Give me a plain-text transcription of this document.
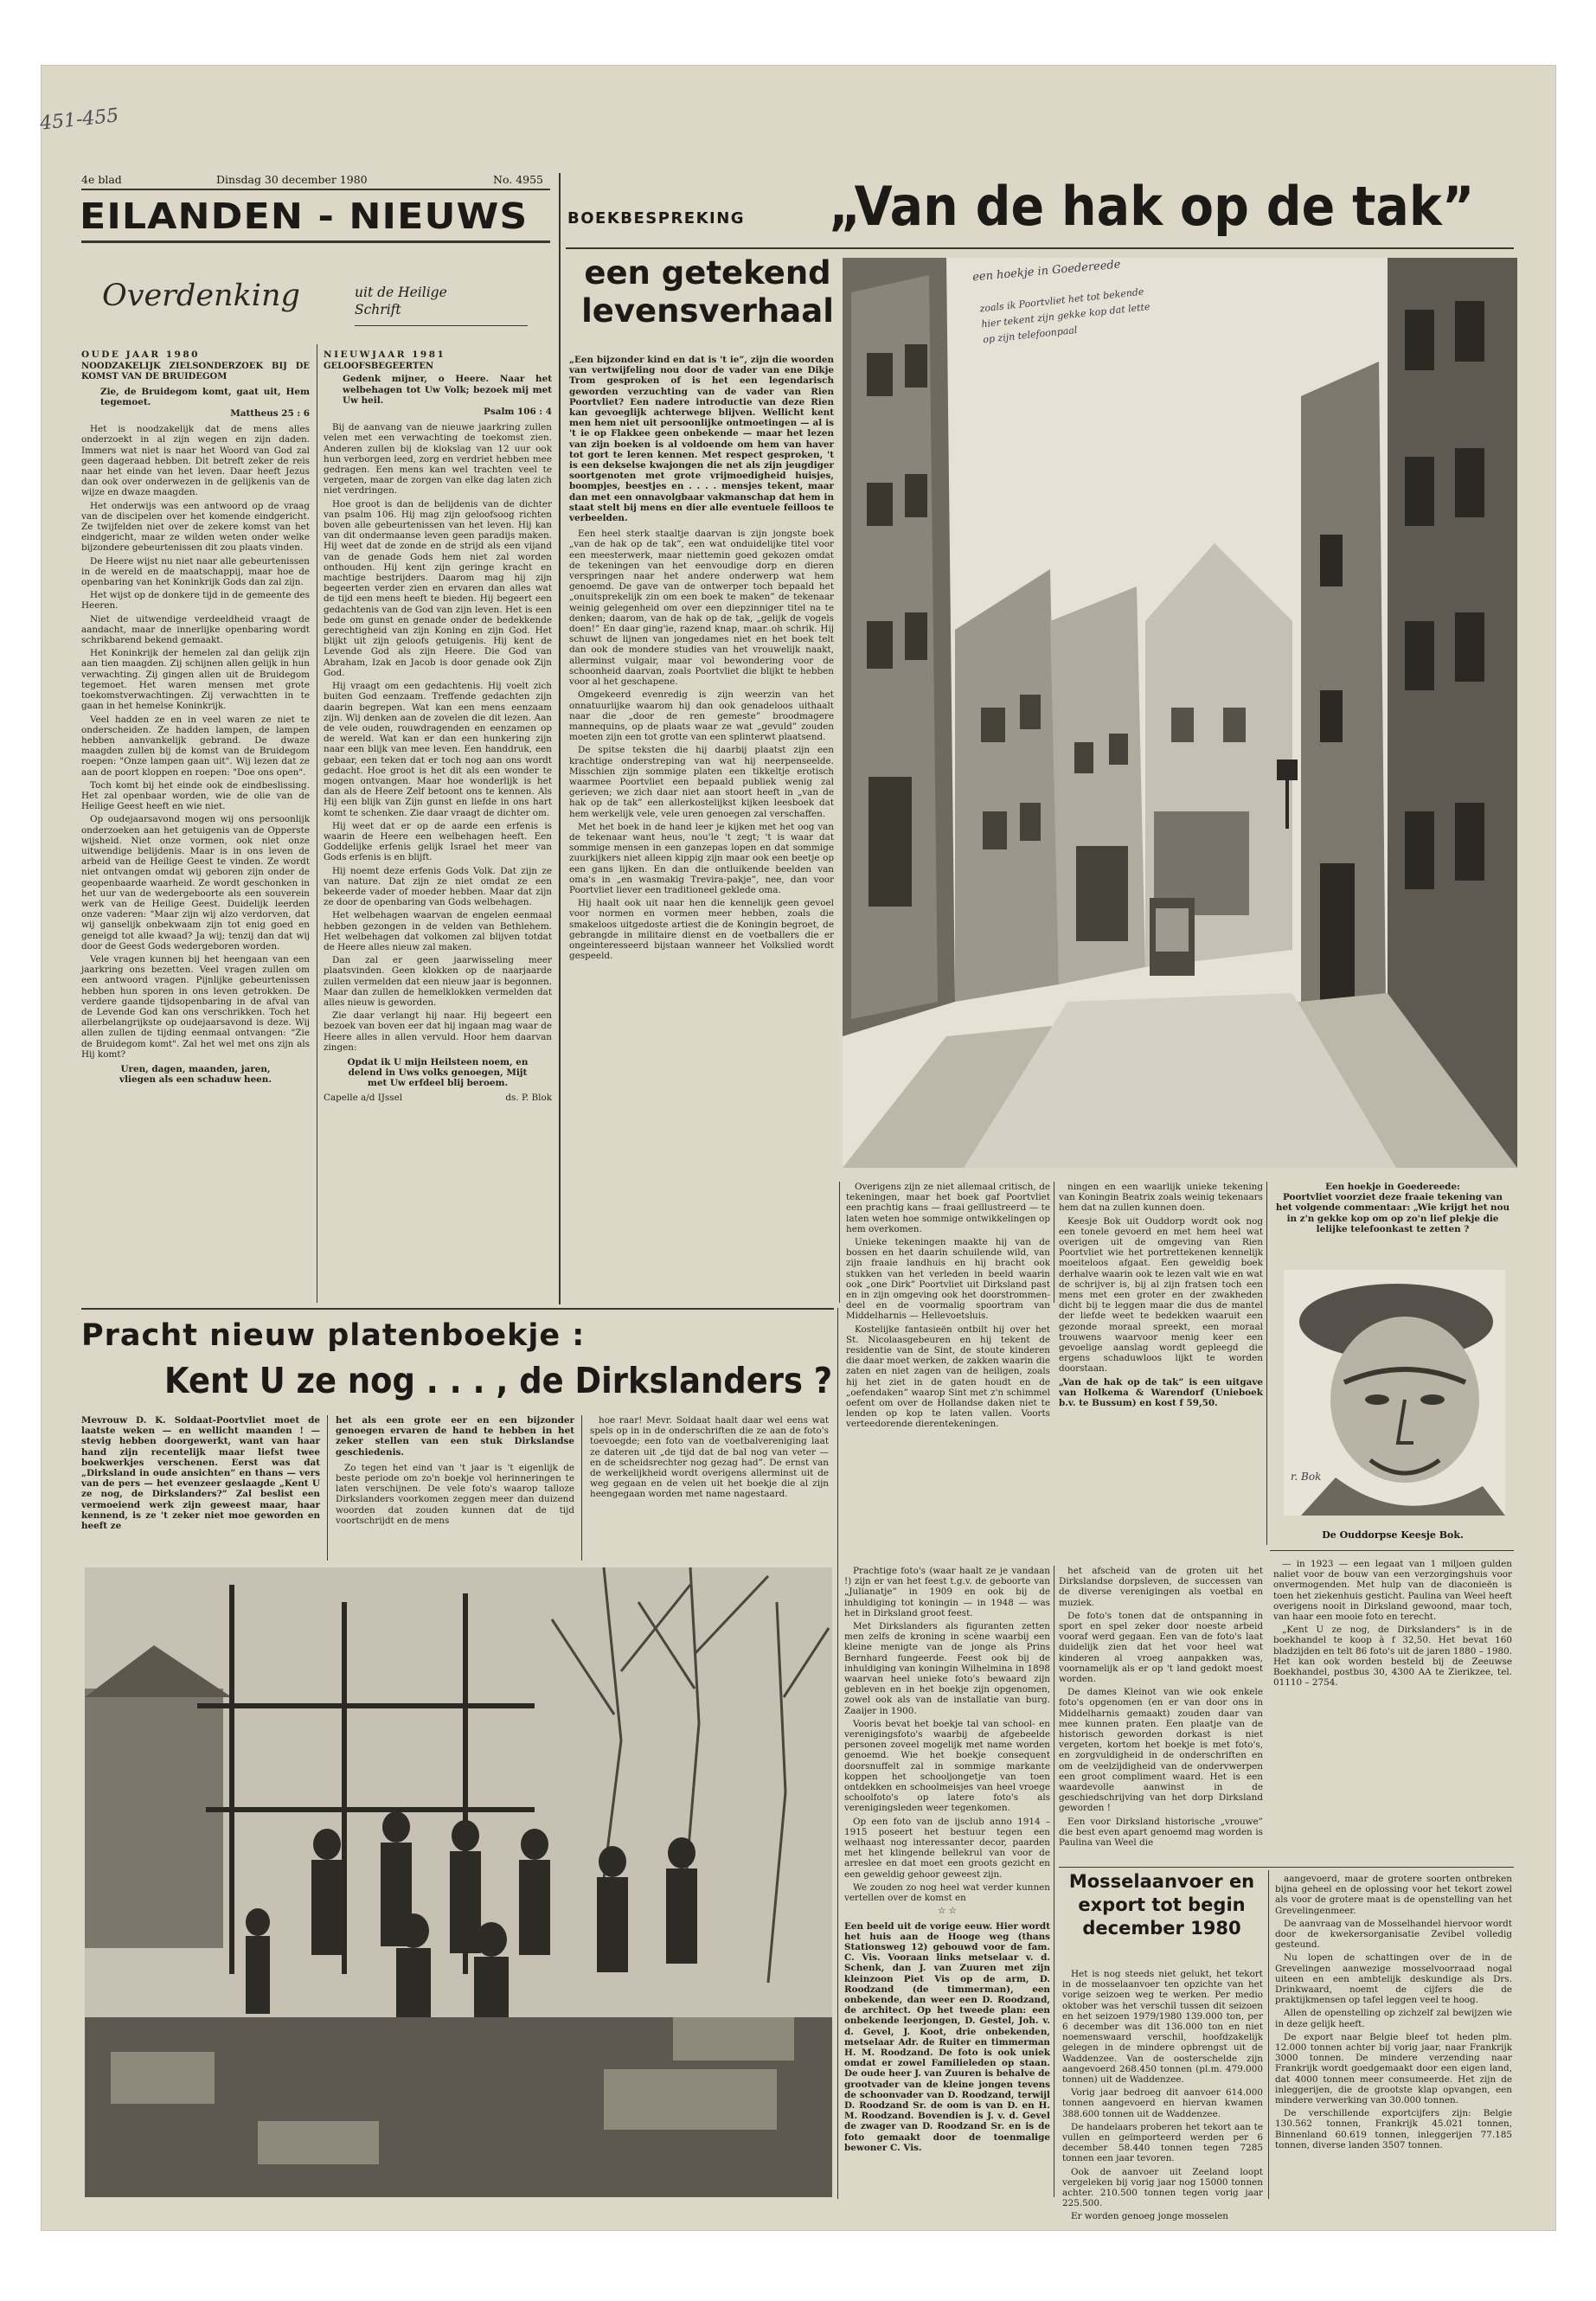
451-455
4e blad	Dinsdag 30 december 1980	No. 4955
EILANDEN - NIEUWS
Overdenking	uit de Heilige Schrift
OUDE JAAR 1980
NOODZAKELIJK ZIELSONDERZOEK BIJ DE KOMST VAN DE BRUIDEGOM
Zie, de Bruidegom komt, gaat uit, Hem tegemoet.
Mattheus 25 : 6

Het is noodzakelijk dat de mens alles onderzoekt in al zijn wegen en zijn daden. Immers wat niet is naar het Woord van God zal geen dageraad hebben. Dit betreft zeker de reis naar het einde van het leven. Daar heeft Jezus dan ook over onderwezen in de gelijkenis van de wijze en dwaze maagden.

Het onderwijs was een antwoord op de vraag van de discipelen over het komende eindgericht. Ze twijfelden niet over de zekere komst van het eindgericht, maar ze wilden weten onder welke bijzondere gebeurtenissen dit zou plaats vinden.

De Heere wijst nu niet naar alle gebeurtenissen in de wereld en de maatschappij, maar hoe de openbaring van het Koninkrijk Gods dan zal zijn.

Het wijst op de donkere tijd in de gemeente des Heeren.

Niet de uitwendige verdeeldheid vraagt de aandacht, maar de innerlijke openbaring wordt schrikbarend bekend gemaakt.

Het Koninkrijk der hemelen zal dan gelijk zijn aan tien maagden. Zij schijnen allen gelijk in hun verwachting. Zij gingen allen uit de Bruidegom tegemoet. Het waren mensen met grote toekomstverwachtingen. Zij verwachtten in te gaan in het hemelse Koninkrijk.

Veel hadden ze en in veel waren ze niet te onderscheiden. Ze hadden lampen, de lampen hebben aanvankelijk gebrand. De dwaze maagden zullen bij de komst van de Bruidegom roepen: "Onze lampen gaan uit". Wij lezen dat ze aan de poort kloppen en roepen: "Doe ons open".

Toch komt bij het einde ook de eindbeslissing. Het zal openbaar worden, wie de olie van de Heilige Geest heeft en wie niet.

Op oudejaarsavond mogen wij ons persoonlijk onderzoeken aan het getuigenis van de Opperste wijsheid. Niet onze vormen, ook niet onze uitwendige belijdenis. Maar is in ons leven de arbeid van de Heilige Geest te vinden. Ze wordt niet ontvangen omdat wij geboren zijn onder de geopenbaarde waarheid. Ze wordt geschonken in het uur van de wedergeboorte als een souverein werk van de Heilige Geest. Duidelijk leerden onze vaderen: "Maar zijn wij alzo verdorven, dat wij ganselijk onbekwaam zijn tot enig goed en geneigd tot alle kwaad? Ja wij; tenzij dan dat wij door de Geest Gods wedergeboren worden.

Vele vragen kunnen bij het heengaan van een jaarkring ons bezetten. Veel vragen zullen om een antwoord vragen. Pijnlijke gebeurtenissen hebben hun sporen in ons leven getrokken. De verdere gaande tijdsopenbaring in de afval van de Levende God kan ons verschrikken. Toch het allerbelangrijkste op oudejaarsavond is deze. Wij allen zullen de tijding eenmaal ontvangen: "Zie de Bruidegom komt". Zal het wel met ons zijn als Hij komt?

Uren, dagen, maanden, jaren, vliegen als een schaduw heen.
NIEUWJAAR 1981
GELOOFSBEGEERTEN
Gedenk mijner, o Heere. Naar het welbehagen tot Uw Volk; bezoek mij met Uw heil.
Psalm 106 : 4

Bij de aanvang van de nieuwe jaarkring zullen velen met een verwachting de toekomst zien. Anderen zullen bij de klokslag van 12 uur ook hun verborgen leed, zorg en verdriet hebben mee gedragen. Een mens kan wel trachten veel te vergeten, maar de zorgen van elke dag laten zich niet verdringen.

Hoe groot is dan de belijdenis van de dichter van psalm 106. Hij mag zijn geloofsoog richten boven alle gebeurtenissen van het leven. Hij kan van dit ondermaanse leven geen paradijs maken. Hij weet dat de zonde en de strijd als een vijand van de genade Gods hem niet zal worden onthouden. Hij kent zijn geringe kracht en machtige bestrijders. Daarom mag hij zijn begeerten verder zien en ervaren dan alles wat de tijd een mens heeft te bieden. Hij begeert een gedachtenis van de God van zijn leven. Het is een bede om gunst en genade onder de bedekkende gerechtigheid van zijn Koning en zijn God. Het blijkt uit zijn geloofs getuigenis. Hij kent de Levende God als zijn Heere. Die God van Abraham, Izak en Jacob is door genade ook Zijn God.

Hij vraagt om een gedachtenis. Hij voelt zich buiten God eenzaam. Treffende gedachten zijn daarin begrepen. Wat kan een mens eenzaam zijn. Wij denken aan de zovelen die dit lezen. Aan de vele ouden, rouwdragenden en eenzamen op de wereld. Wat kan er dan een hunkering zijn naar een blijk van mee leven. Een handdruk, een gebaar, een teken dat er toch nog aan ons wordt gedacht. Hoe groot is het dit als een wonder te mogen ontvangen. Maar hoe wonderlijk is het dan als de Heere Zelf betoont ons te kennen. Als Hij een blijk van Zijn gunst en liefde in ons hart komt te schenken. Zie daar vraagt de dichter om.

Hij weet dat er op de aarde een erfenis is waarin de Heere een welbehagen heeft. Een Goddelijke erfenis gelijk Israel het meer van Gods erfenis is en blijft.

Hij noemt deze erfenis Gods Volk. Dat zijn ze van nature. Dat zijn ze niet omdat ze een bekeerde vader of moeder hebben. Maar dat zijn ze door de openbaring van Gods welbehagen.

Het welbehagen waarvan de engelen eenmaal hebben gezongen in de velden van Bethlehem. Het welbehagen dat volkomen zal blijven totdat de Heere alles nieuw zal maken.

Dan zal er geen jaarwisseling meer plaatsvinden. Geen klokken op de naarjaarde zullen vermelden dat een nieuw jaar is begonnen. Maar dan zullen de hemelklokken vermelden dat alles nieuw is geworden.

Zie daar verlangt hij naar. Hij begeert een bezoek van boven eer dat hij ingaan mag waar de Heere alles in allen vervuld. Hoor hem daarvan zingen:

Opdat ik U mijn Heilsteen noem, en delend in Uws volks genoegen, Mijt met Uw erfdeel blij beroem.
Capelle a/d IJssel	ds. P. Blok
BOEKBESPREKING „Van de hak op de tak”
een getekend levensverhaal
„Een bijzonder kind en dat is 't ie”, zijn die woorden van vertwijfeling nou door de vader van ene Dikje Trom gesproken of is het een legendarisch geworden verzuchting van de vader van Rien Poortvliet? Een nadere introductie van deze Rien kan gevoeglijk achterwege blijven. Wellicht kent men hem niet uit persoonlijke ontmoetingen — al is 't ie op Flakkee geen onbekende — maar het lezen van zijn boeken is al voldoende om hem van haver tot gort te leren kennen. Met respect gesproken, 't is een dekselse kwajongen die net als zijn jeugdiger soortgenoten met grote vrijmoedigheid huisjes, boompjes, beestjes en . . . . mensjes tekent, maar dan met een onnavolgbaar vakmanschap dat hem in staat stelt bij mens en dier alle eventuele feilloos te verbeelden.

Een heel sterk staaltje daarvan is zijn jongste boek „van de hak op de tak”, een wat onduidelijke titel voor een meesterwerk, maar niettemin goed gekozen omdat de tekeningen van het eenvoudige dorp en dieren verspringen naar het andere onderwerp wat hem genoemd. De gave van de ontwerper toch bepaald het „onuitsprekelijk zin om een boek te maken” de tekenaar weinig gelegenheid om over een diepzinniger titel na te denken; daarom, van de hak op de tak, „gelijk de vogels doen!” En daar ging'ie, razend knap, maar..oh schrik. Hij schuwt de lijnen van jongedames niet en het boek telt dan ook de mondere studies van het vrouwelijk naakt, allerminst vulgair, maar vol bewondering voor de schoonheid daarvan, zoals Poortvliet die blijkt te hebben voor al het geschapene.

Omgekeerd evenredig is zijn weerzin van het onnatuurlijke waarom hij dan ook genadeloos uithaalt naar die „door de ren gemeste” broodmagere mannequins, op de plaats waar ze wat „gevuld” zouden moeten zijn een tot grotte van een splinterwt plaatsend.

De spitse teksten die hij daarbij plaatst zijn een krachtige onderstreping van wat hij neerpenseelde. Misschien zijn sommige platen een tikkeltje erotisch waarmee Poortvliet een bepaald publiek wenig zal gerieven; we zich daar niet aan stoort heeft in „van de hak op de tak” een allerkostelijkst kijken leesboek dat hem werkelijk vele, vele uren genoegen zal verschaffen.

Met het boek in de hand leer je kijken met het oog van de tekenaar want heus, nou'le 't zegt; 't is waar dat sommige mensen in een ganzepas lopen en dat sommige zuurkijkers niet alleen kippig zijn maar ook een beetje op een gans lijken. En dan die ontluikende beelden van oma's in „en wasmakig Trevira-pakje”, nee, dan voor Poortvliet liever een traditioneel geklede oma.

Hij haalt ook uit naar hen die kennelijk geen gevoel voor normen en vormen meer hebben, zoals die smakeloos uitgedoste artiest die de Koningin begroet, de gebrangde in militaire dienst en de voetballers die er ongeinteresseerd bijstaan wanneer het Volkslied wordt gespeeld.

een hoekje in Goedereede
zoals ik Poortvliet het tot bekende hier tekent zijn gekke kop dat lette op zijn telefoonpaal

Overigens zijn ze niet allemaal critisch, de tekeningen, maar het boek gaf Poortvliet een prachtig kans — fraai geïllustreerd — te laten weten hoe sommige ontwikkelingen op hem overkomen.

Unieke tekeningen maakte hij van de bossen en het daarin schuilende wild, van zijn fraaie landhuis en hij bracht ook stukken van het verleden in beeld waarin ook „one Dirk” Poortvliet uit Dirksland past en in zijn omgeving ook het doorstrommen-deel en de voormalig spoortram van Middelharnis — Hellevoetsluis.

Kostelijke fantasieën ontbilt hij over het St. Nicolaasgebeuren en hij tekent de residentie van de Sint, de stoute kinderen die daar moet werken, de zakken waarin die zaten en niet zagen van de heiligen, zoals hij het ziet in de gaten houdt en de „oefendaken” waarop Sint met z'n schimmel oefent om over de Hollandse daken niet te lenden op kop te laten vallen. Voorts verteedorende dierentekeningen.

ningen en een waarlijk unieke tekening van Koningin Beatrix zoals weinig tekenaars hem dat na zullen kunnen doen.

Keesje Bok uit Ouddorp wordt ook nog een tonele gevoerd en met hem heel wat overigen uit de omgeving van Rien Poortvliet wie het portrettekenen kennelijk moeiteloos afgaat. Een geweldig boek derhalve waarin ook te lezen valt wie en wat de schrijver is, bij al zijn fratsen toch een mens met een groter en der zwakheden dicht bij te leggen maar die dus de mantel der liefde weet te bedekken waaruit een gezonde moraal spreekt, een moraal trouwens waarvoor menig keer een gevoelige aanslag wordt gepleegd die ergens schaduwloos lijkt te worden doorstaan.

„Van de hak op de tak” is een uitgave van Holkema & Warendorf (Unieboek b.v. te Bussum) en kost f 59,50.
Een hoekje in Goedereede:
Poortvliet voorziet deze fraaie tekening van het volgende commentaar: „Wie krijgt het nou in z'n gekke kop om op zo'n lief plekje die lelijke telefoonkast te zetten ?
r. Bok
De Ouddorpse Keesje Bok.
Pracht nieuw platenboekje :
Kent U ze nog . . . , de Dirkslanders ?
Mevrouw D. K. Soldaat-Poortvliet moet de laatste weken — en wellicht maanden ! — stevig hebben doorgewerkt, want van haar hand zijn recentelijk maar liefst twee boekwerkjes verschenen. Eerst was dat „Dirksland in oude ansichten” en thans — vers van de pers — het evenzeer geslaagde „Kent U ze nog, de Dirkslanders?” Zal beslist een vermoeiend werk zijn geweest maar, haar kennend, is ze 't zeker niet moe geworden en heeft ze
het als een grote eer en een bijzonder genoegen ervaren de hand te hebben in het zeker stellen van een stuk Dirkslandse geschiedenis.

Zo tegen het eind van 't jaar is 't eigenlijk de beste periode om zo'n boekje vol herinneringen te laten verschijnen. De vele foto's waarop talloze Dirkslanders voorkomen zeggen meer dan duizend woorden dat zouden kunnen dat de tijd voortschrijdt en de mens

hoe raar! Mevr. Soldaat haalt daar wel eens wat spels op in in de onderschriften die ze aan de foto's toevoegde; een foto van de voetbalvereniging laat ze dateren uit „de tijd dat de bal nog van veter — en de scheidsrechter nog gezag had”. De ernst van de werkelijkheid wordt overigens allerminst uit de weg gegaan en de velen uit het boekje die al zijn heengegaan worden met name nagestaard.

Prachtige foto's (waar haalt ze je vandaan !) zijn er van het feest t.g.v. de geboorte van „Julianatje” in 1909 en ook bij de inhuldiging tot koningin — in 1948 — was het in Dirksland groot feest.

Met Dirkslanders als figuranten zetten men zelfs de kroning in scène waarbij een kleine menigte van de jonge als Prins Bernhard fungeerde. Feest ook bij de inhuldiging van koningin Wilhelmina in 1898 waarvan heel unieke foto's bewaard zijn gebleven en in het boekje zijn opgenomen, zowel ook als van de installatie van burg. Zaaijer in 1900.

Vooris bevat het boekje tal van school- en verenigingsfoto's waarbij de afgebeelde personen zoveel mogelijk met name worden genoemd. Wie het boekje consequent doorsnuffelt zal in sommige markante koppen het schooljongetje van toen ontdekken en schoolmeisjes van heel vroege schoolfoto's op latere foto's als verenigingsleden weer tegenkomen.

Op een foto van de ijsclub anno 1914 – 1915 poseert het bestuur tegen een welhaast nog interessanter decor, paarden met het klingende bellekrul van voor de arreslee en dat moet een groots gezicht en een geweldig gehoor geweest zijn.

We zouden zo nog heel wat verder kunnen vertellen over de komst en

☆ ☆
Een beeld uit de vorige eeuw. Hier wordt het huis aan de Hooge weg (thans Stationsweg 12) gebouwd voor de fam. C. Vis. Vooraan links metselaar v. d. Schenk, dan J. van Zuuren met zijn kleinzoon Piet Vis op de arm, D. Roodzand (de timmerman), een onbekende, dan weer een D. Roodzand, de architect. Op het tweede plan: een onbekende leerjongen, D. Gestel, Joh. v. d. Gevel, J. Koot, drie onbekenden, metselaar Adr. de Ruiter en timmerman H. M. Roodzand. De foto is ook uniek omdat er zowel Familieleden op staan. De oude heer J. van Zuuren is behalve de grootvader van de kleine jongen tevens de schoonvader van D. Roodzand, terwijl D. Roodzand Sr. de oom is van D. en H. M. Roodzand. Bovendien is J. v. d. Gevel de zwager van D. Roodzand Sr. en is de foto gemaakt door de toenmalige bewoner C. Vis.

het afscheid van de groten uit het Dirkslandse dorpsleven, de successen van de diverse verenigingen als voetbal en muziek.

De foto's tonen dat de ontspanning in sport en spel zeker door noeste arbeid vooraf werd gegaan. Een van de foto's laat duidelijk zien dat het voor heel wat kinderen al vroeg aanpakken was, voornamelijk als er op 't land gedokt moest worden.

De dames Kleinot van wie ook enkele foto's opgenomen (en er van door ons in Middelharnis gemaakt) zouden daar van mee kunnen praten. Een plaatje van de historisch geworden dorkast is niet vergeten, kortom het boekje is met foto's, en zorgvuldigheid in de onderschriften en om de veelzijdigheid van de ondervwerpen een groot compliment waard. Het is een waardevolle aanwinst in de geschiedschrijving van het dorp Dirksland geworden !

Een voor Dirksland historische „vrouwe” die best even apart genoemd mag worden is Paulina van Weel die

— in 1923 — een legaat van 1 miljoen gulden naliet voor de bouw van een verzorgingshuis voor onvermogenden. Met hulp van de diaconieën is toen het ziekenhuis gesticht. Paulina van Weel heeft overigens nooit in Dirksland gewoond, maar toch, van haar een mooie foto en terecht.

„Kent U ze nog, de Dirkslanders” is in de boekhandel te koop à f 32,50. Het bevat 160 bladzijden en telt 86 foto's uit de jaren 1880 – 1980. Het kan ook worden besteld bij de Zeeuwse Boekhandel, postbus 30, 4300 AA te Zierikzee, tel. 01110 – 2754.

Mosselaanvoer en export tot begin december 1980

Het is nog steeds niet gelukt, het tekort in de mosselaanvoer ten opzichte van het vorige seizoen weg te werken. Per medio oktober was het verschil tussen dit seizoen en het seizoen 1979/1980 139.000 ton, per 6 december was dit 136.000 ton en niet noemenswaard verschil, hoofdzakelijk gelegen in de mindere opbrengst uit de Waddenzee. Van de oosterschelde zijn aangevoerd 268.450 tonnen (pl.m. 479.000 tonnen) uit de Waddenzee.

Vorig jaar bedroeg dit aanvoer 614.000 tonnen aangevoerd en hiervan kwamen 388.600 tonnen uit de Waddenzee.

De handelaars proberen het tekort aan te vullen en geïmporteerd werden per 6 december 58.440 tonnen tegen 7285 tonnen een jaar tevoren.

Ook de aanvoer uit Zeeland loopt vergeleken bij vorig jaar nog 15000 tonnen achter. 210.500 tonnen tegen vorig jaar 225.500.

Er worden genoeg jonge mosselen

aangevoerd, maar de grotere soorten ontbreken bijna geheel en de oplossing voor het tekort zowel als voor de grotere maat is de openstelling van het Grevelingenmeer.

De aanvraag van de Mosselhandel hiervoor wordt door de kwekersorganisatie Zevibel volledig gesteund.

Nu lopen de schattingen over de in de Grevelingen aanwezige mosselvoorraad nogal uiteen en een ambtelijk deskundige als Drs. Drinkwaard, noemt de cijfers die de praktijkmensen op tafel leggen veel te hoog.

Allen de openstelling op zichzelf zal bewijzen wie in deze gelijk heeft.

De export naar Belgie bleef tot heden plm. 12.000 tonnen achter bij vorig jaar, naar Frankrijk 3000 tonnen. De mindere verzending naar Frankrijk wordt goedgemaakt door een eigen land, dat 4000 tonnen meer consumeerde. Het zijn de inleggerijen, die de grootste klap opvangen, een mindere verwerking van 30.000 tonnen.

De verschillende exportcijfers zijn: Belgie 130.562 tonnen, Frankrijk 45.021 tonnen, Binnenland 60.619 tonnen, inleggerijen 77.185 tonnen, diverse landen 3507 tonnen.
